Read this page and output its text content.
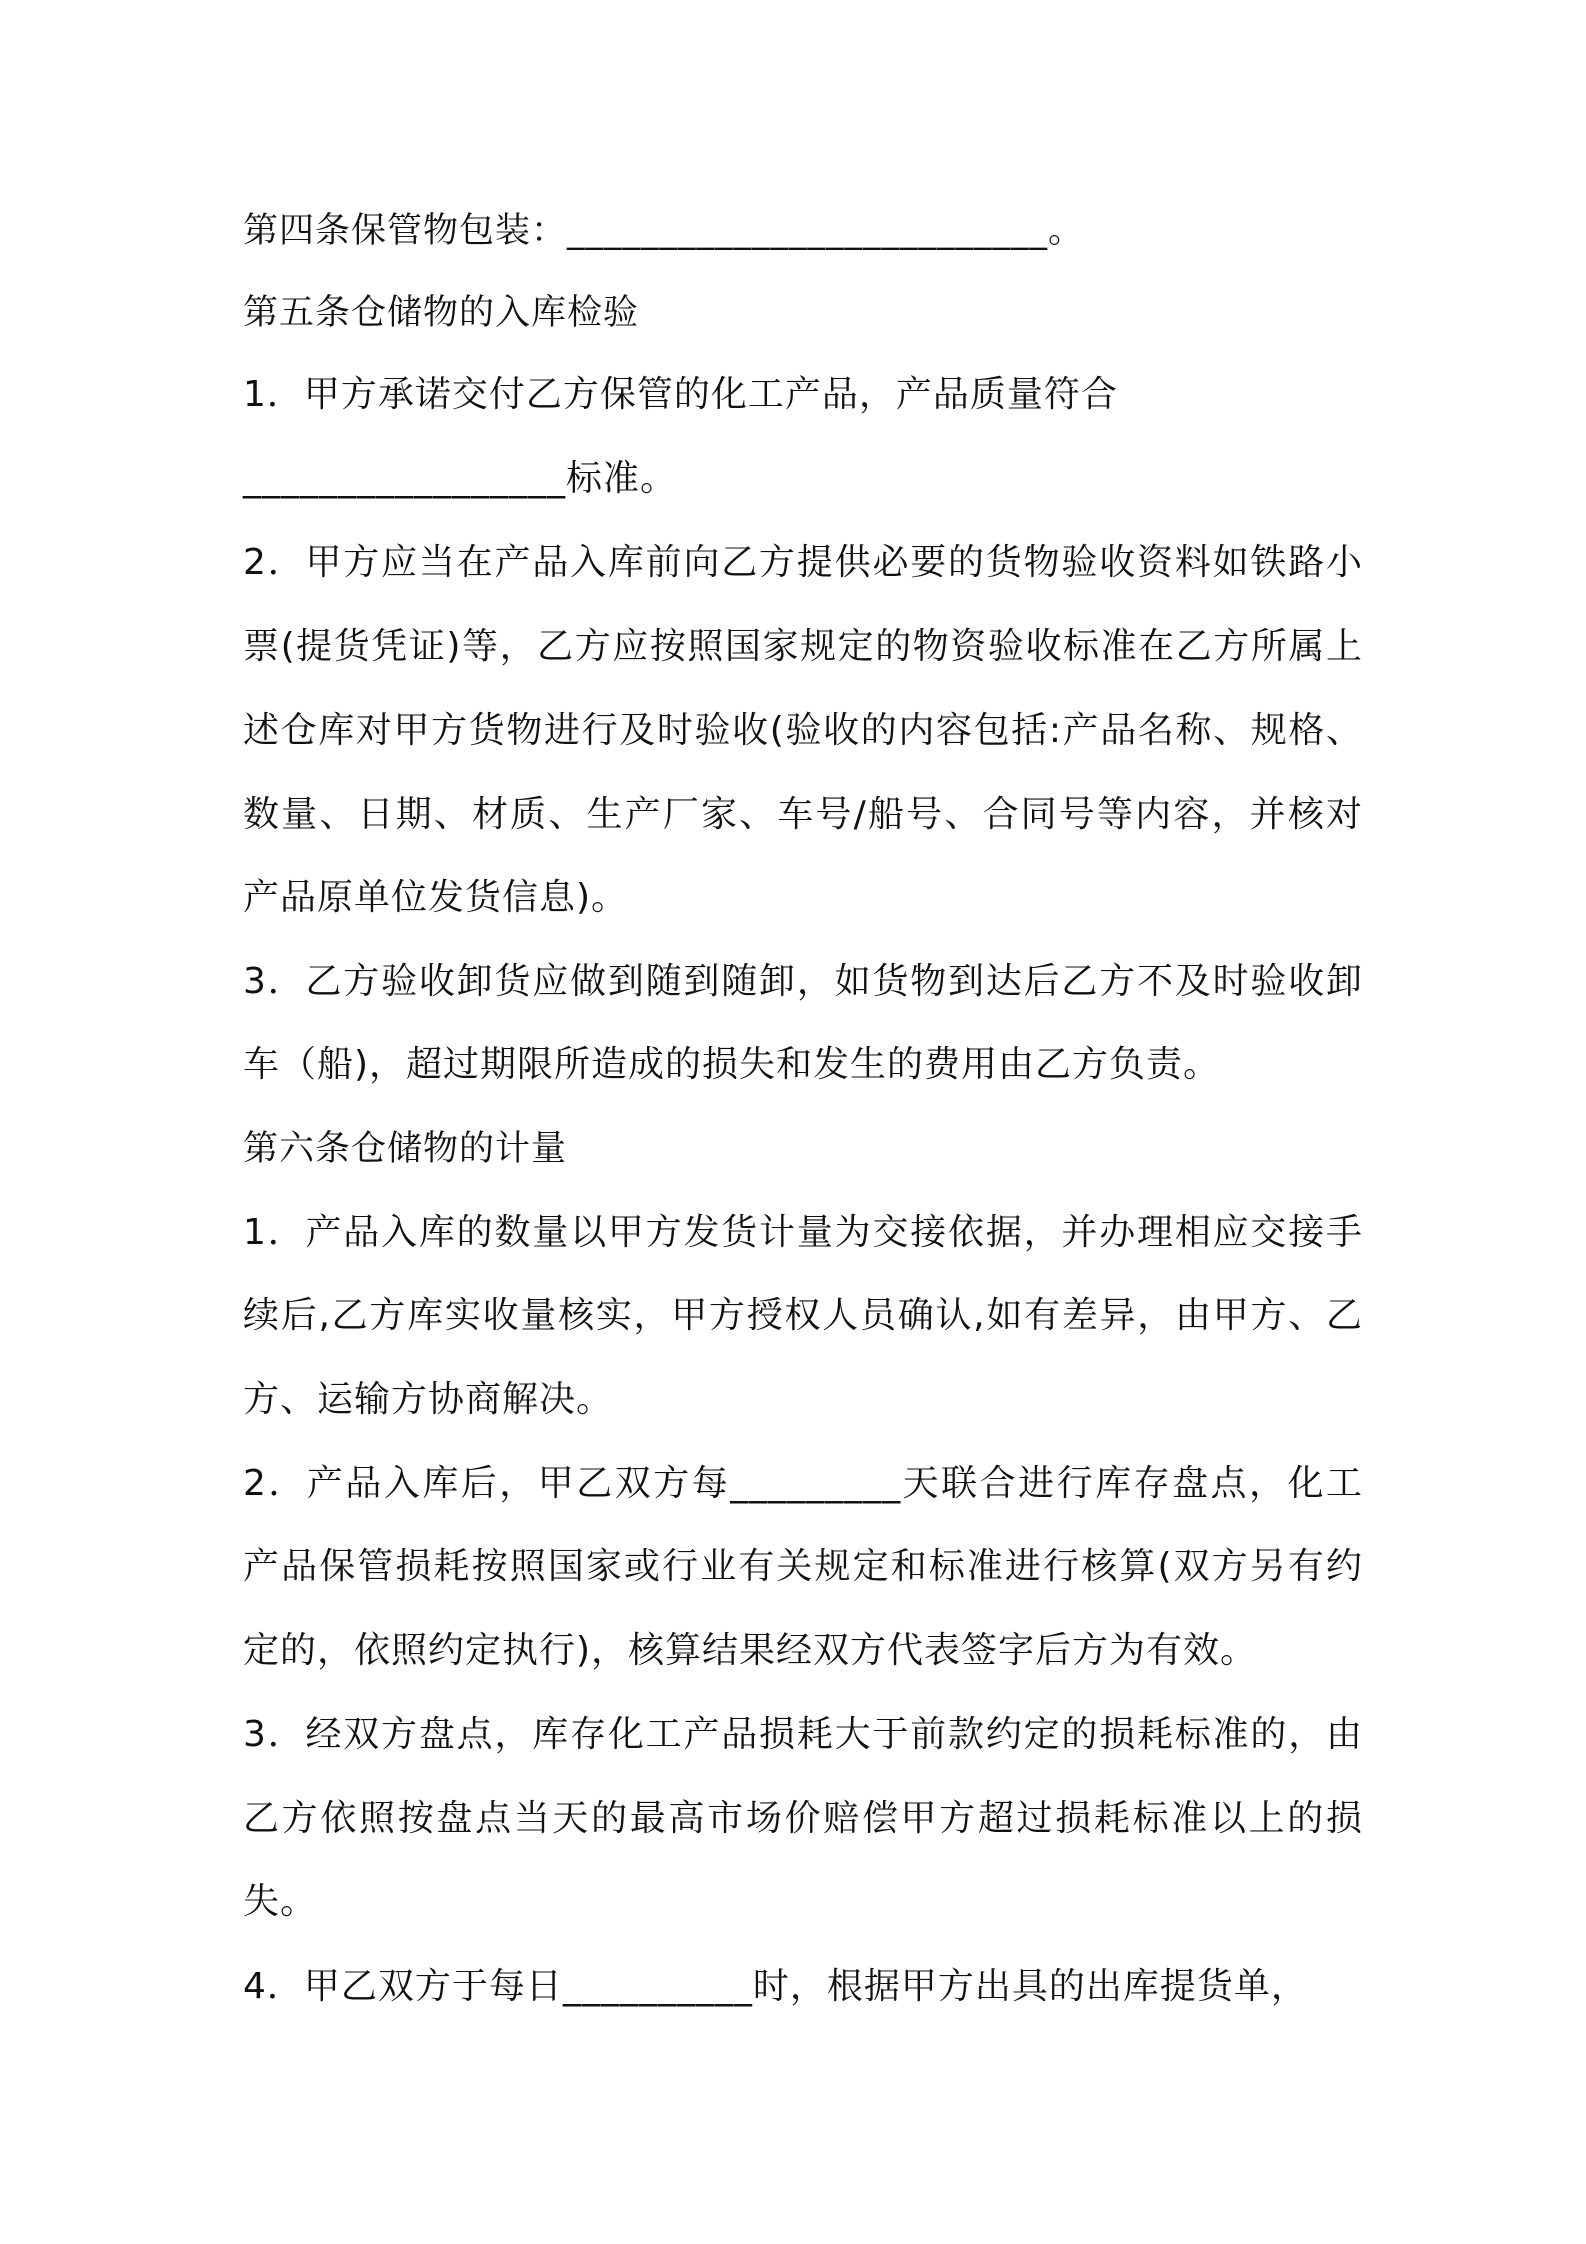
第四条保管物包装：__________________________。
第五条仓储物的入库检验
1．甲方承诺交付乙方保管的化工产品，产品质量符合
_________________标准。
2．甲方应当在产品入库前向乙方提供必要的货物验收资料如铁路小
票(提货凭证)等，乙方应按照国家规定的物资验收标准在乙方所属上
述仓库对甲方货物进行及时验收(验收的内容包括:产品名称、规格、
数量、日期、材质、生产厂家、车号/船号、合同号等内容，并核对
产品原单位发货信息)。
3．乙方验收卸货应做到随到随卸，如货物到达后乙方不及时验收卸
车（船)，超过期限所造成的损失和发生的费用由乙方负责。
第六条仓储物的计量
1．产品入库的数量以甲方发货计量为交接依据，并办理相应交接手
续后,乙方库实收量核实，甲方授权人员确认,如有差异，由甲方、乙
方、运输方协商解决。
2．产品入库后，甲乙双方每_________天联合进行库存盘点，化工
产品保管损耗按照国家或行业有关规定和标准进行核算(双方另有约
定的，依照约定执行)，核算结果经双方代表签字后方为有效。
3．经双方盘点，库存化工产品损耗大于前款约定的损耗标准的，由
乙方依照按盘点当天的最高市场价赔偿甲方超过损耗标准以上的损
失。
4．甲乙双方于每日__________时，根据甲方出具的出库提货单，
